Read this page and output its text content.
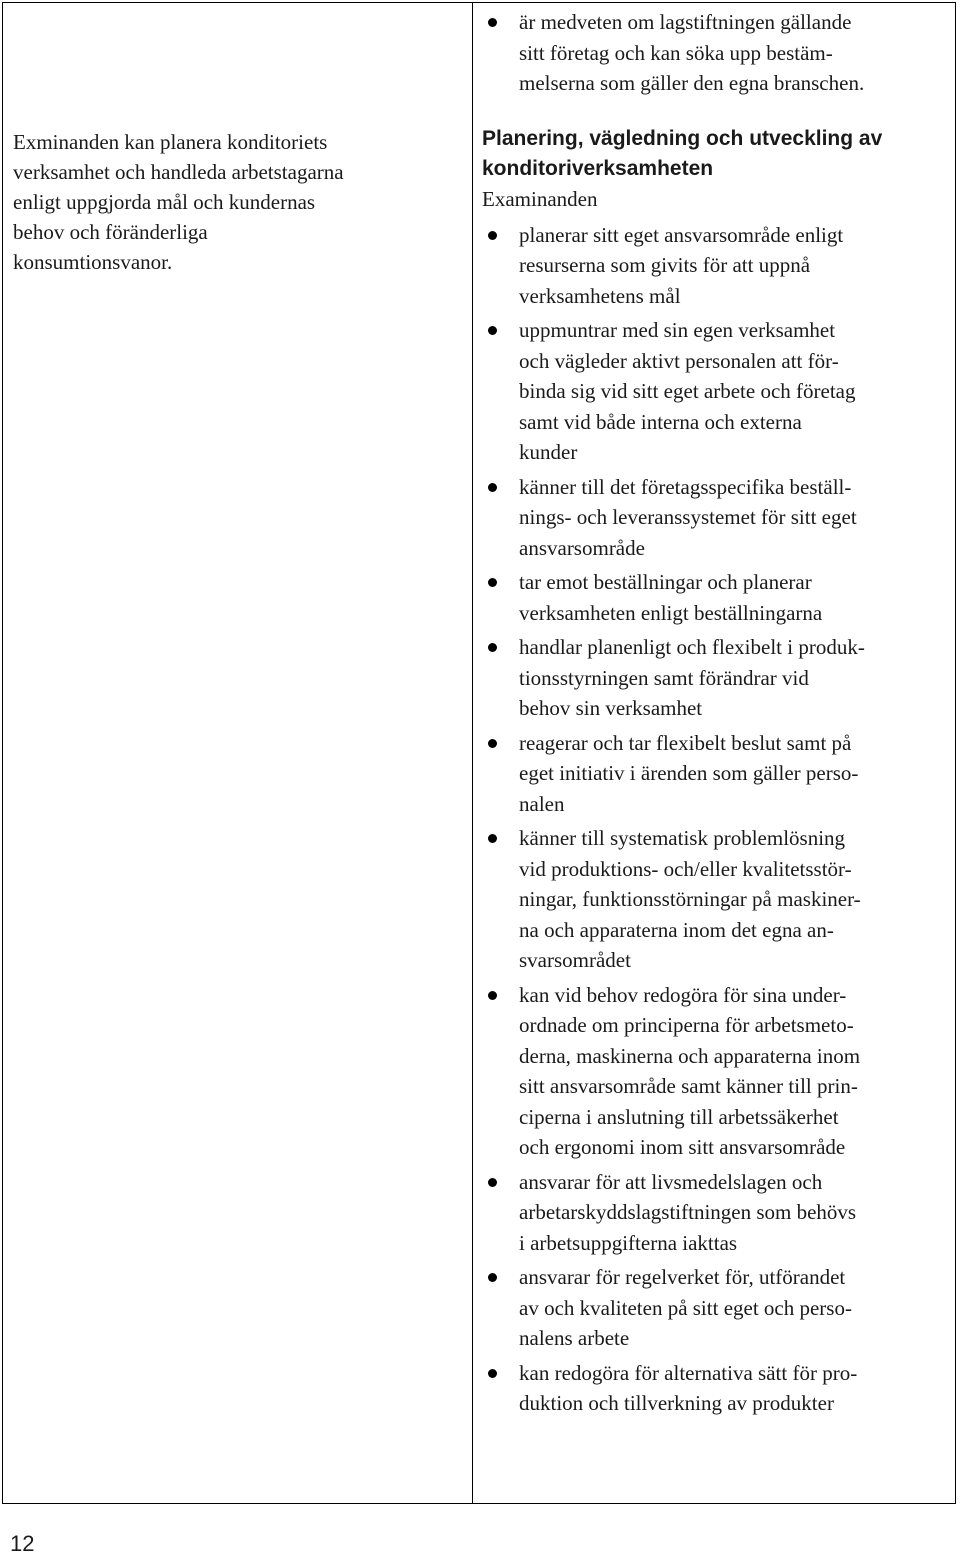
Exminanden kan planera konditoriets

verksamhet och handleda arbetstagarna

enligt uppgjorda mål och kundernas

behov och föränderliga

konsumtionsvanor.

är medveten om lagstiftningen gällande
sitt företag och kan söka upp bestäm-
melserna som gäller den egna branschen.
Planering, vägledning och utveckling av
konditoriverksamheten
Examinanden
planerar sitt eget ansvarsområde enligt
resurserna som givits för att uppnå
verksamhetens mål
uppmuntrar med sin egen verksamhet
och vägleder aktivt personalen att för-
binda sig vid sitt eget arbete och företag
samt vid både interna och externa
kunder
känner till det företagsspecifika beställ-
nings- och leveranssystemet för sitt eget
ansvarsområde
tar emot beställningar och planerar
verksamheten enligt beställningarna
handlar planenligt och flexibelt i produk-
tionsstyrningen samt förändrar vid
behov sin verksamhet
reagerar och tar flexibelt beslut samt på
eget initiativ i ärenden som gäller perso-
nalen
känner till systematisk problemlösning
vid produktions- och/eller kvalitetsstör-
ningar, funktionsstörningar på maskiner-
na och apparaterna inom det egna an-
svarsområdet
kan vid behov redogöra för sina under-
ordnade om principerna för arbetsmeto-
derna, maskinerna och apparaterna inom
sitt ansvarsområde samt känner till prin-
ciperna i anslutning till arbetssäkerhet
och ergonomi inom sitt ansvarsområde
ansvarar för att livsmedelslagen och
arbetarskyddslagstiftningen som behövs
i arbetsuppgifterna iakttas
ansvarar för regelverket för, utförandet
av och kvaliteten på sitt eget och perso-
nalens arbete
kan redogöra för alternativa sätt för pro-
duktion och tillverkning av produkter
12
